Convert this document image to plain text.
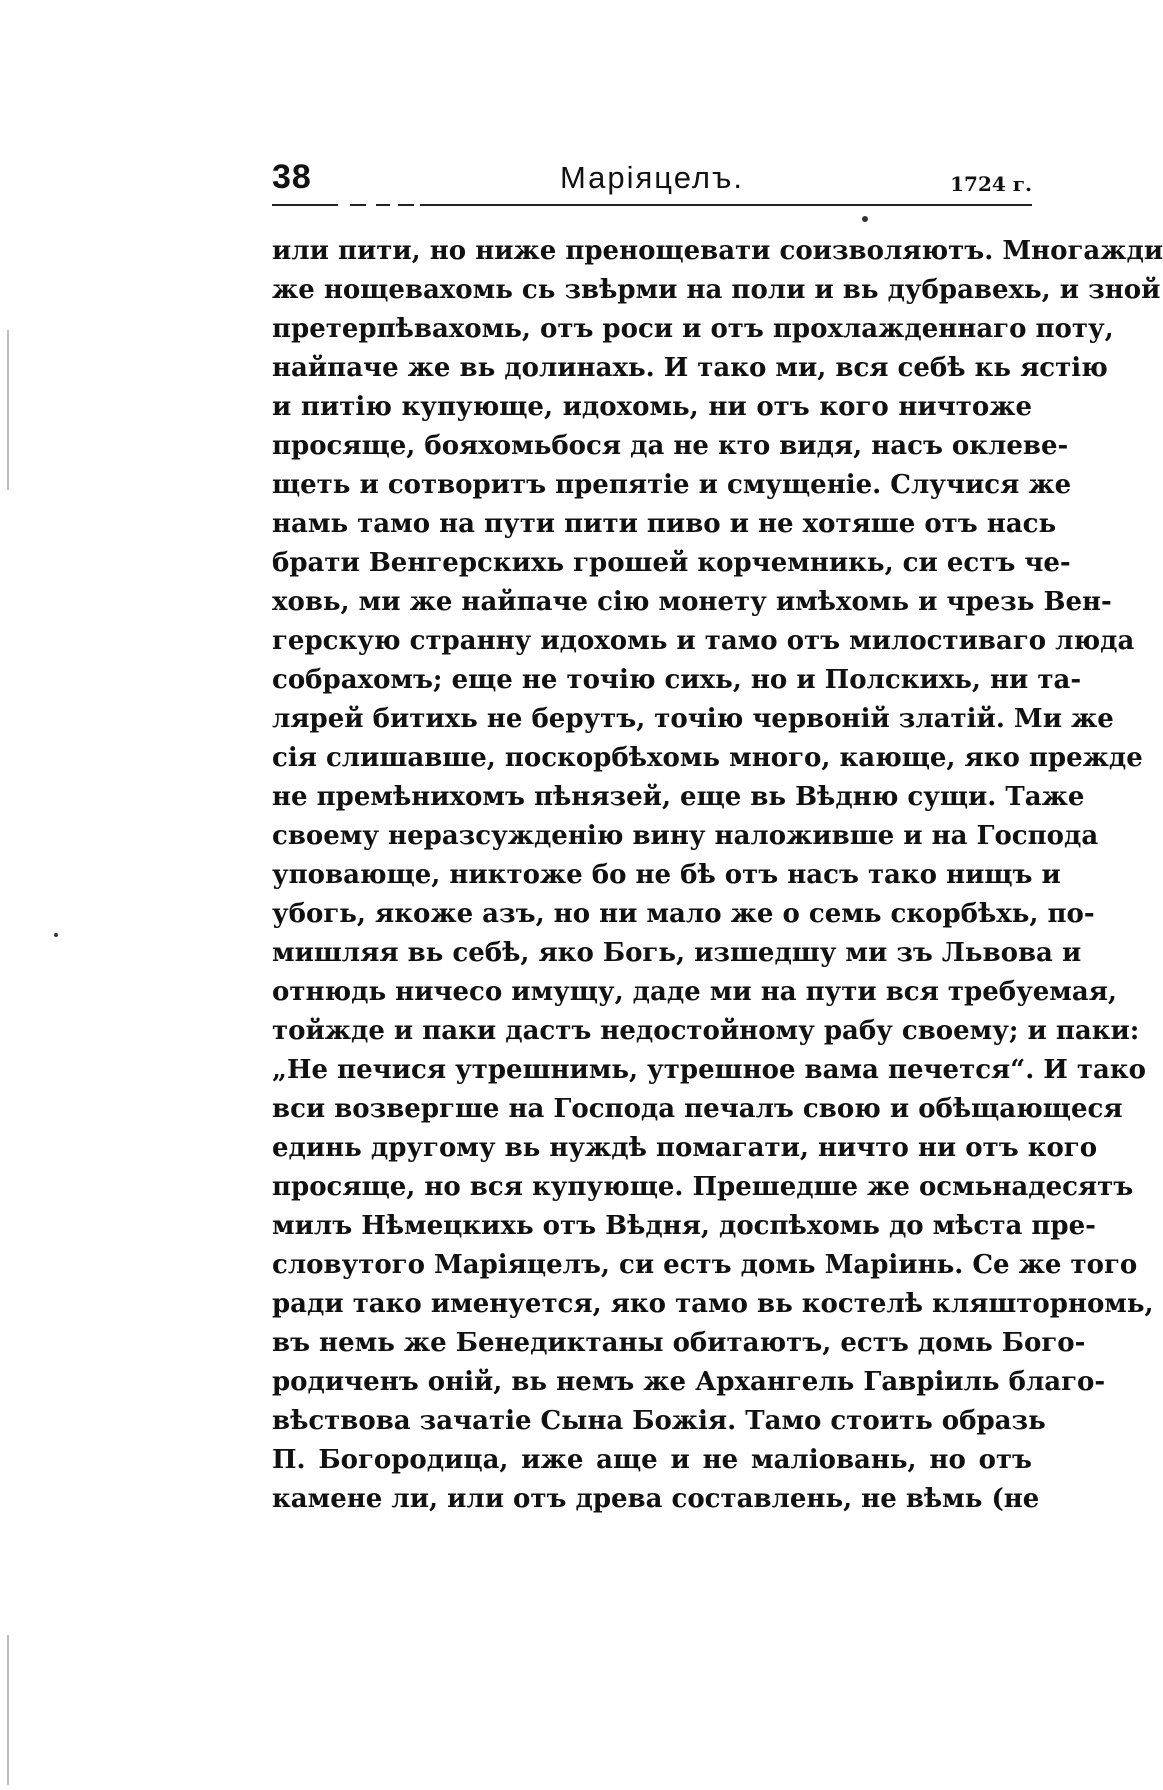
38	Маріяцелъ.	1724 г.
или пити, но ниже пренощевати соизволяютъ. Многажди
же нощевахомь сь звѣрми на поли и вь дубравехь, и зной
претерпѣвахомь, отъ роси и отъ прохлажденнаго поту,
найпаче же вь долинахь. И тако ми, вся себѣ кь ястію
и питію купующе, идохомь, ни отъ кого ничтоже
просяще, бояхомьбося да не кто видя, насъ оклеве-
щеть и сотворитъ препятіе и смущеніе. Случися же
намь тамо на пути пити пиво и не хотяше отъ нась
брати Венгерскихь грошей корчемникь, си естъ че-
ховь, ми же найпаче сію монету имѣхомь и чрезь Вен-
герскую странну идохомь и тамо отъ милостиваго люда
собрахомъ; еще не точію сихь, но и Полскихь, ни та-
лярей битихь не берутъ, точію червоній златій. Ми же
сія слишавше, поскорбѣхомь много, кающе, яко прежде
не премѣнихомъ пѣнязей, еще вь Вѣдню сущи. Таже
своему неразсужденію вину наложивше и на Господа
уповающе, никтоже бо не бѣ отъ насъ тако нищъ и
убогь, якоже азъ, но ни мало же о семь скорбѣхь, по-
мишляя вь себѣ, яко Богь, изшедшу ми зъ Львова и
отнюдь ничесо имущу, даде ми на пути вся требуемая,
тойжде и паки дастъ недостойному рабу своему; и паки:
„Не печися утрешнимь, утрешное вама печется“. И тако
вси возвергше на Господа печалъ свою и обѣщающеся
единь другому вь нуждѣ помагати, ничто ни отъ кого
просяще, но вся купующе. Прешедше же осмьнадесятъ
милъ Нѣмецкихь отъ Вѣдня, доспѣхомь до мѣста пре-
словутого Маріяцелъ, си естъ домь Маріинь. Се же того
ради тако именуется, яко тамо вь костелѣ кляшторномь,
въ немь же Бенедиктаны обитаютъ, естъ домь Бого-
родиченъ оній, вь немъ же Архангель Гавріиль благо-
вѣствова зачатіе Сына Божія. Тамо стоить образь
П. Богородица, иже аще и не маліовань, но отъ
камене ли, или отъ древа составлень, не вѣмь (не
